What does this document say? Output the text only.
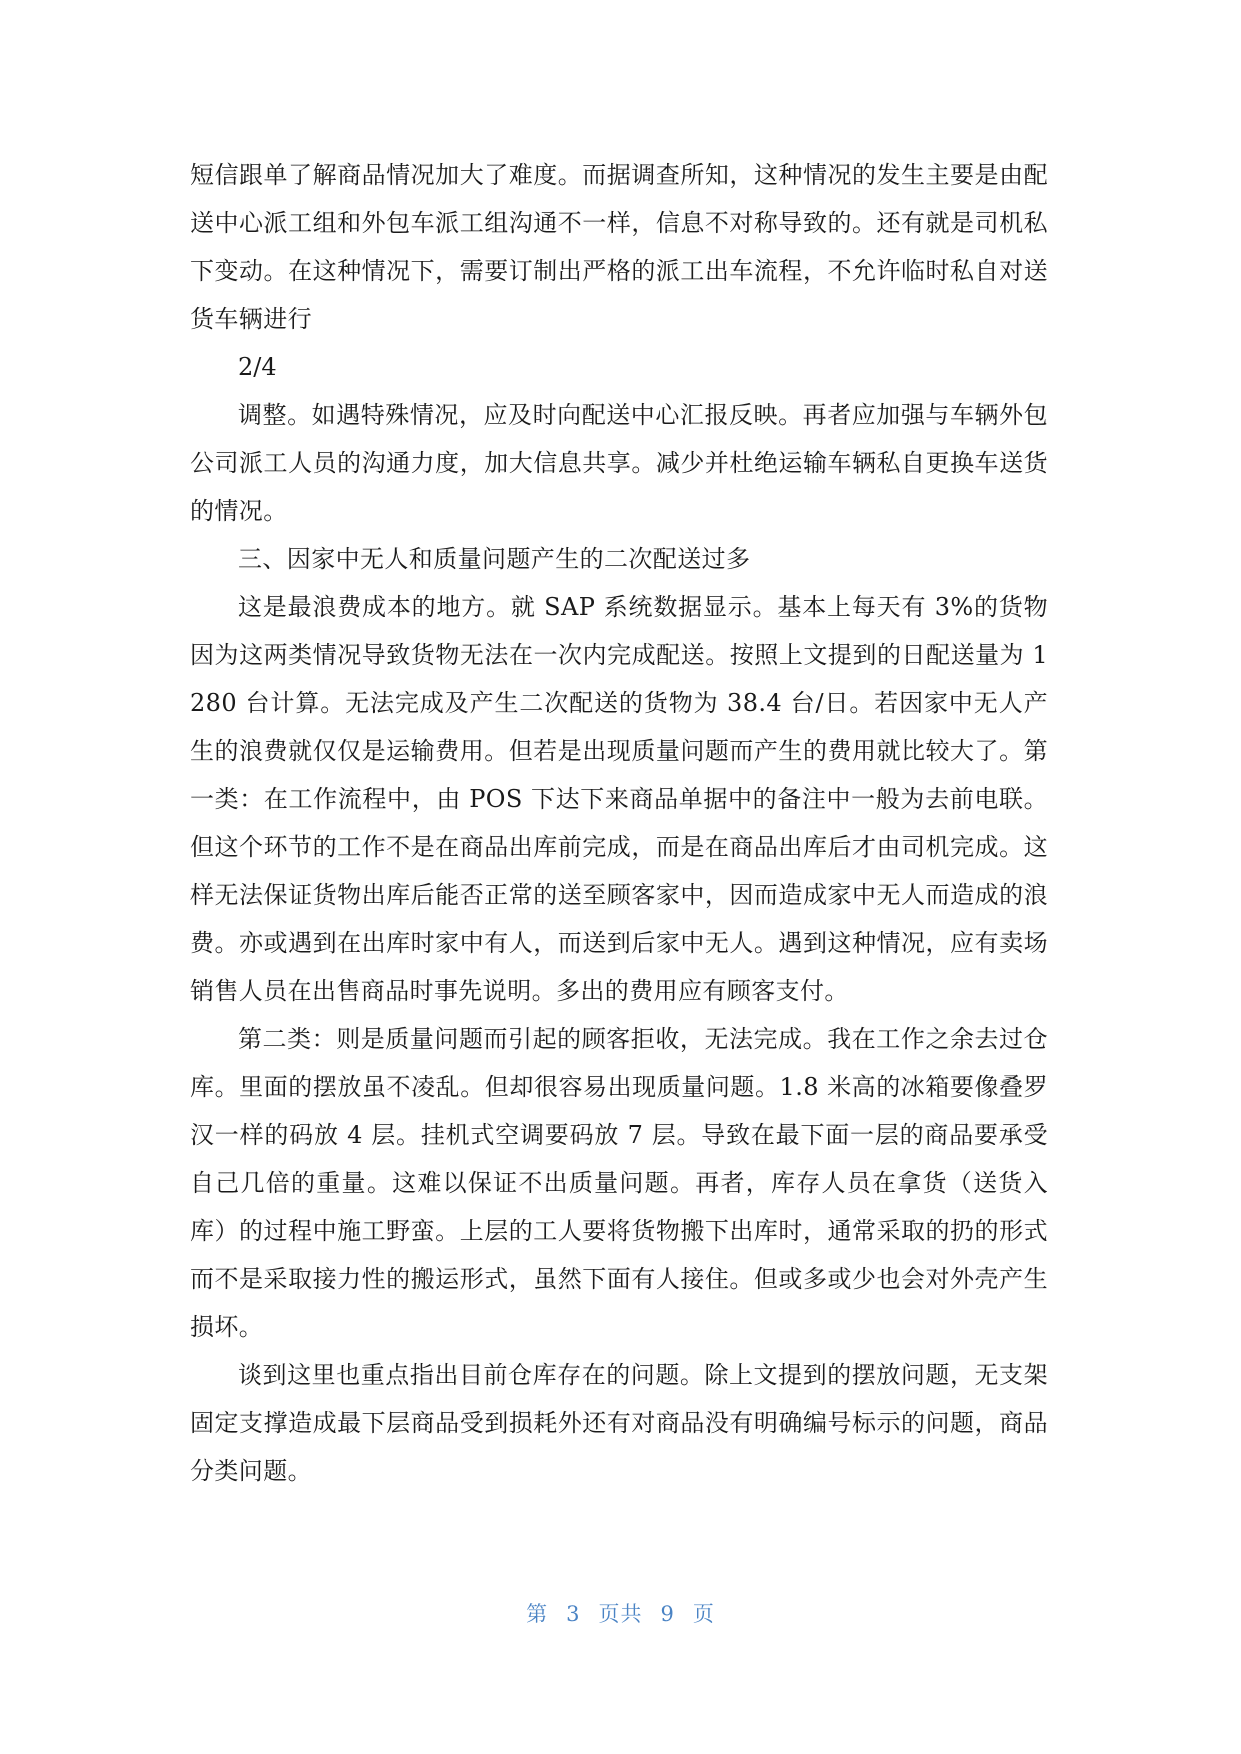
短信跟单了解商品情况加大了难度。而据调查所知，这种情况的发生主要是由配送中心派工组和外包车派工组沟通不一样，信息不对称导致的。还有就是司机私下变动。在这种情况下，需要订制出严格的派工出车流程，不允许临时私自对送货车辆进行

2/4

调整。如遇特殊情况，应及时向配送中心汇报反映。再者应加强与车辆外包公司派工人员的沟通力度，加大信息共享。减少并杜绝运输车辆私自更换车送货的情况。

三、因家中无人和质量问题产生的二次配送过多

这是最浪费成本的地方。就 SAP 系统数据显示。基本上每天有 3%的货物因为这两类情况导致货物无法在一次内完成配送。按照上文提到的日配送量为 1280 台计算。无法完成及产生二次配送的货物为 38.4 台/日。若因家中无人产生的浪费就仅仅是运输费用。但若是出现质量问题而产生的费用就比较大了。第一类：在工作流程中，由 POS 下达下来商品单据中的备注中一般为去前电联。但这个环节的工作不是在商品出库前完成，而是在商品出库后才由司机完成。这样无法保证货物出库后能否正常的送至顾客家中，因而造成家中无人而造成的浪费。亦或遇到在出库时家中有人，而送到后家中无人。遇到这种情况，应有卖场销售人员在出售商品时事先说明。多出的费用应有顾客支付。

第二类：则是质量问题而引起的顾客拒收，无法完成。我在工作之余去过仓库。里面的摆放虽不凌乱。但却很容易出现质量问题。1.8 米高的冰箱要像叠罗汉一样的码放 4 层。挂机式空调要码放 7 层。导致在最下面一层的商品要承受自己几倍的重量。这难以保证不出质量问题。再者，库存人员在拿货（送货入库）的过程中施工野蛮。上层的工人要将货物搬下出库时，通常采取的扔的形式而不是采取接力性的搬运形式，虽然下面有人接住。但或多或少也会对外壳产生损坏。

谈到这里也重点指出目前仓库存在的问题。除上文提到的摆放问题，无支架固定支撑造成最下层商品受到损耗外还有对商品没有明确编号标示的问题，商品分类问题。

第 3 页共 9 页
